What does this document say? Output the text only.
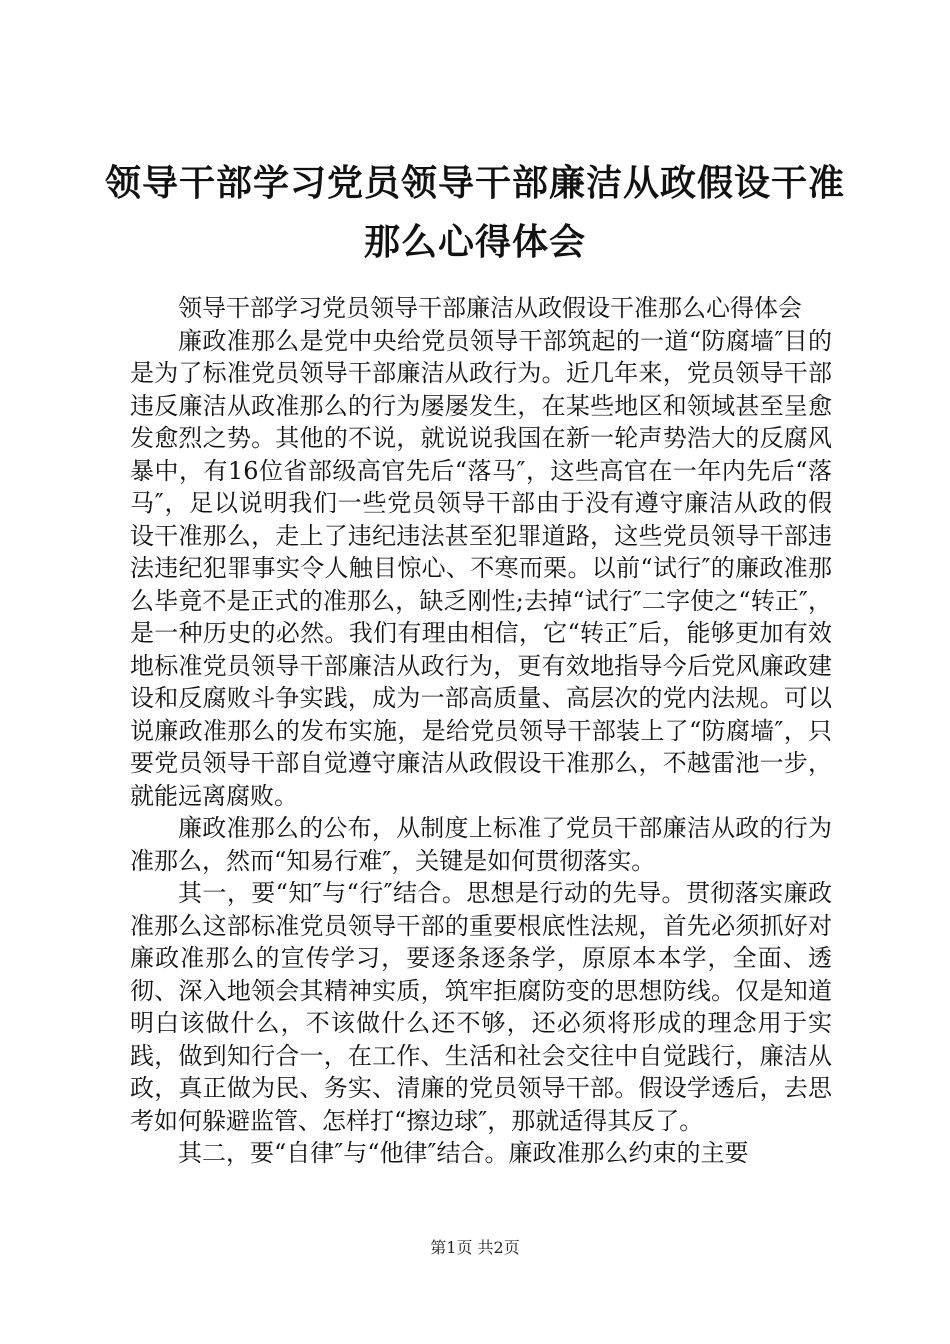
领导干部学习党员领导干部廉洁从政假设干准
那么心得体会

领导干部学习党员领导干部廉洁从政假设干准那么心得体会

廉政准那么是党中央给党员领导干部筑起的一道“防腐墙″目的是为了标准党员领导干部廉洁从政行为。近几年来，党员领导干部违反廉洁从政准那么的行为屡屡发生，在某些地区和领域甚至呈愈发愈烈之势。其他的不说，就说说我国在新一轮声势浩大的反腐风暴中，有16位省部级高官先后“落马″，这些高官在一年内先后“落马″，足以说明我们一些党员领导干部由于没有遵守廉洁从政的假设干准那么，走上了违纪违法甚至犯罪道路，这些党员领导干部违法违纪犯罪事实令人触目惊心、不寒而栗。以前“试行″的廉政准那么毕竟不是正式的准那么，缺乏刚性;去掉“试行″二字使之“转正″，是一种历史的必然。我们有理由相信，它“转正″后，能够更加有效地标准党员领导干部廉洁从政行为，更有效地指导今后党风廉政建设和反腐败斗争实践，成为一部高质量、高层次的党内法规。可以说廉政准那么的发布实施，是给党员领导干部装上了“防腐墙″，只要党员领导干部自觉遵守廉洁从政假设干准那么，不越雷池一步，就能远离腐败。

廉政准那么的公布，从制度上标准了党员干部廉洁从政的行为准那么，然而“知易行难″，关键是如何贯彻落实。

其一，要“知″与“行″结合。思想是行动的先导。贯彻落实廉政准那么这部标准党员领导干部的重要根底性法规，首先必须抓好对廉政准那么的宣传学习，要逐条逐条学，原原本本学，全面、透彻、深入地领会其精神实质，筑牢拒腐防变的思想防线。仅是知道明白该做什么，不该做什么还不够，还必须将形成的理念用于实践，做到知行合一，在工作、生活和社会交往中自觉践行，廉洁从政，真正做为民、务实、清廉的党员领导干部。假设学透后，去思考如何躲避监管、怎样打“擦边球″，那就适得其反了。

其二，要“自律″与“他律″结合。廉政准那么约束的主要

第1页 共2页
